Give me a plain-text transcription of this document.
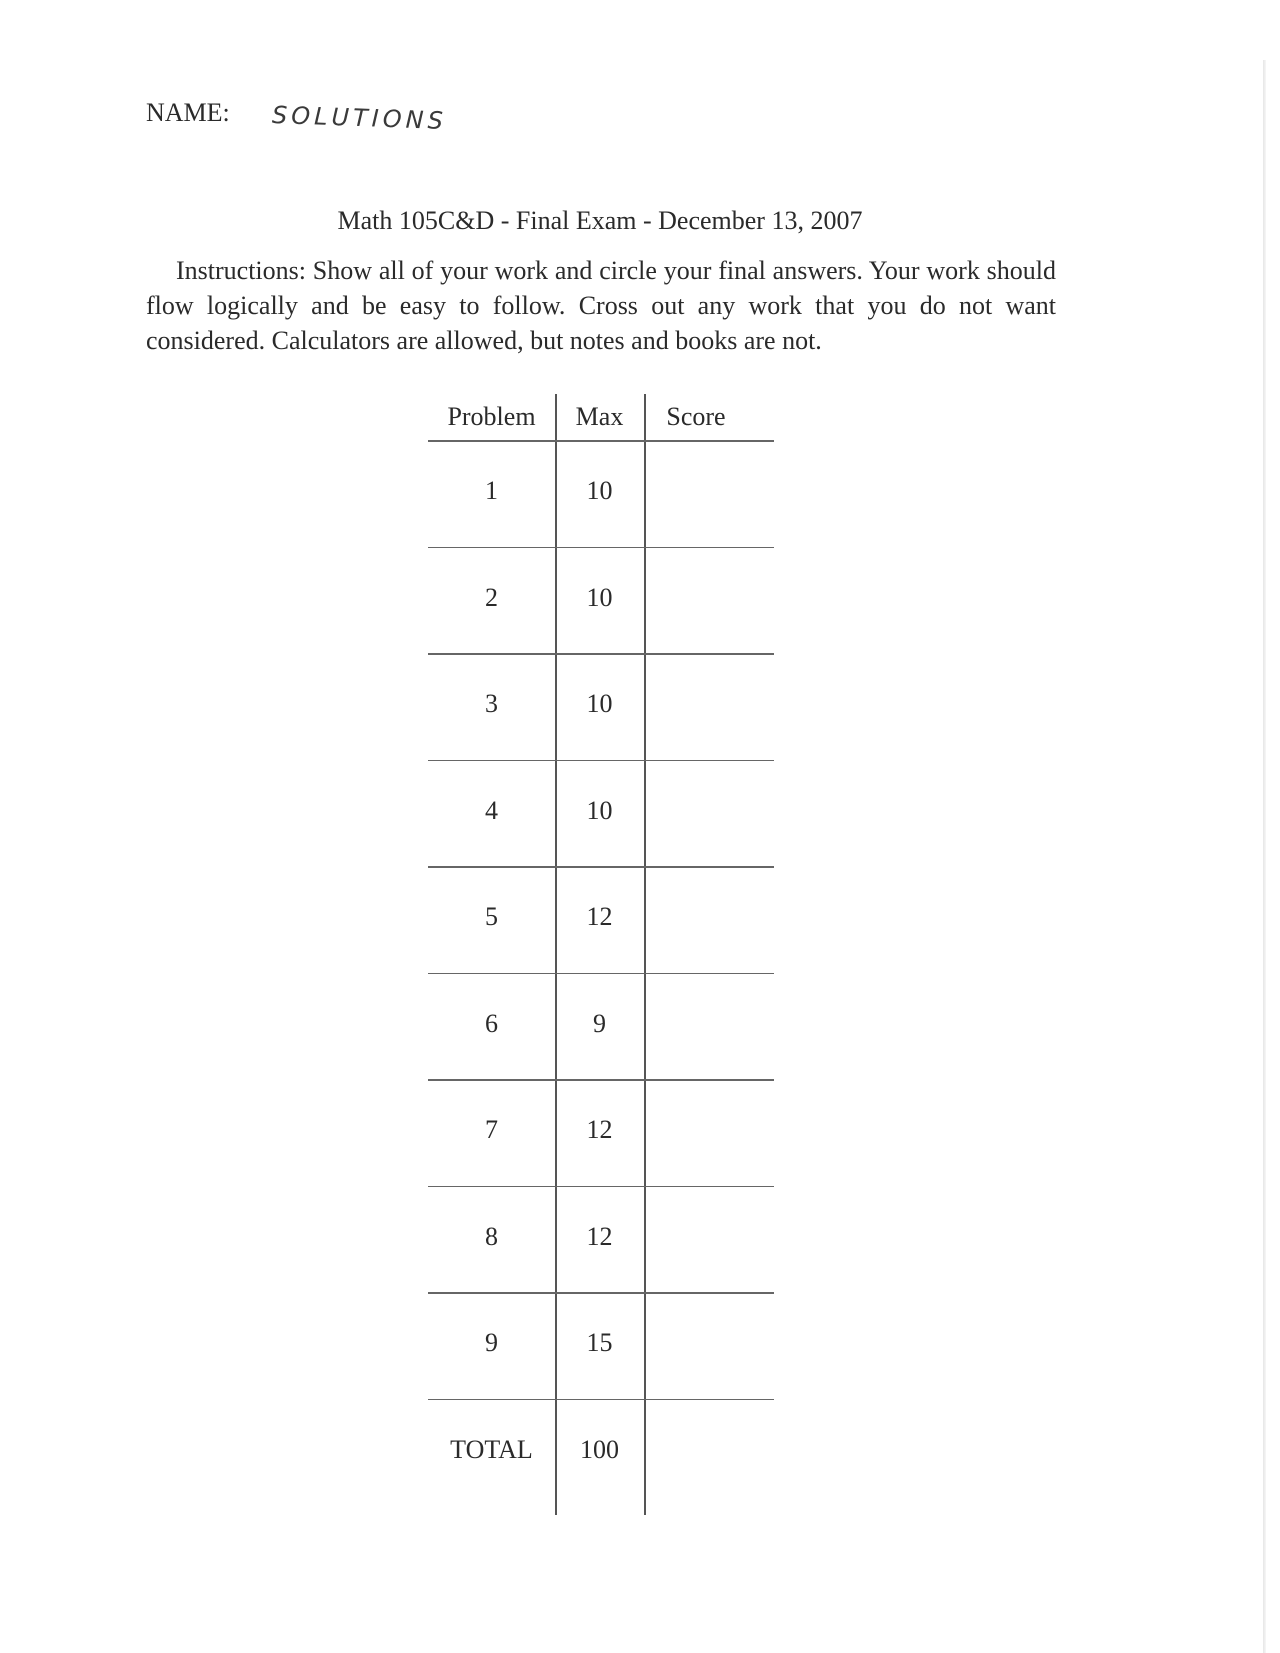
NAME: SOLUTIONS
Math 105C&D - Final Exam - December 13, 2007
Instructions: Show all of your work and circle your final answers. Your work should flow logically and be easy to follow. Cross out any work that you do not want considered. Calculators are allowed, but notes and books are not.
Problem	Max	Score
1	10
2	10
3	10
4	10
5	12
6	9
7	12
8	12
9	15
TOTAL	100
